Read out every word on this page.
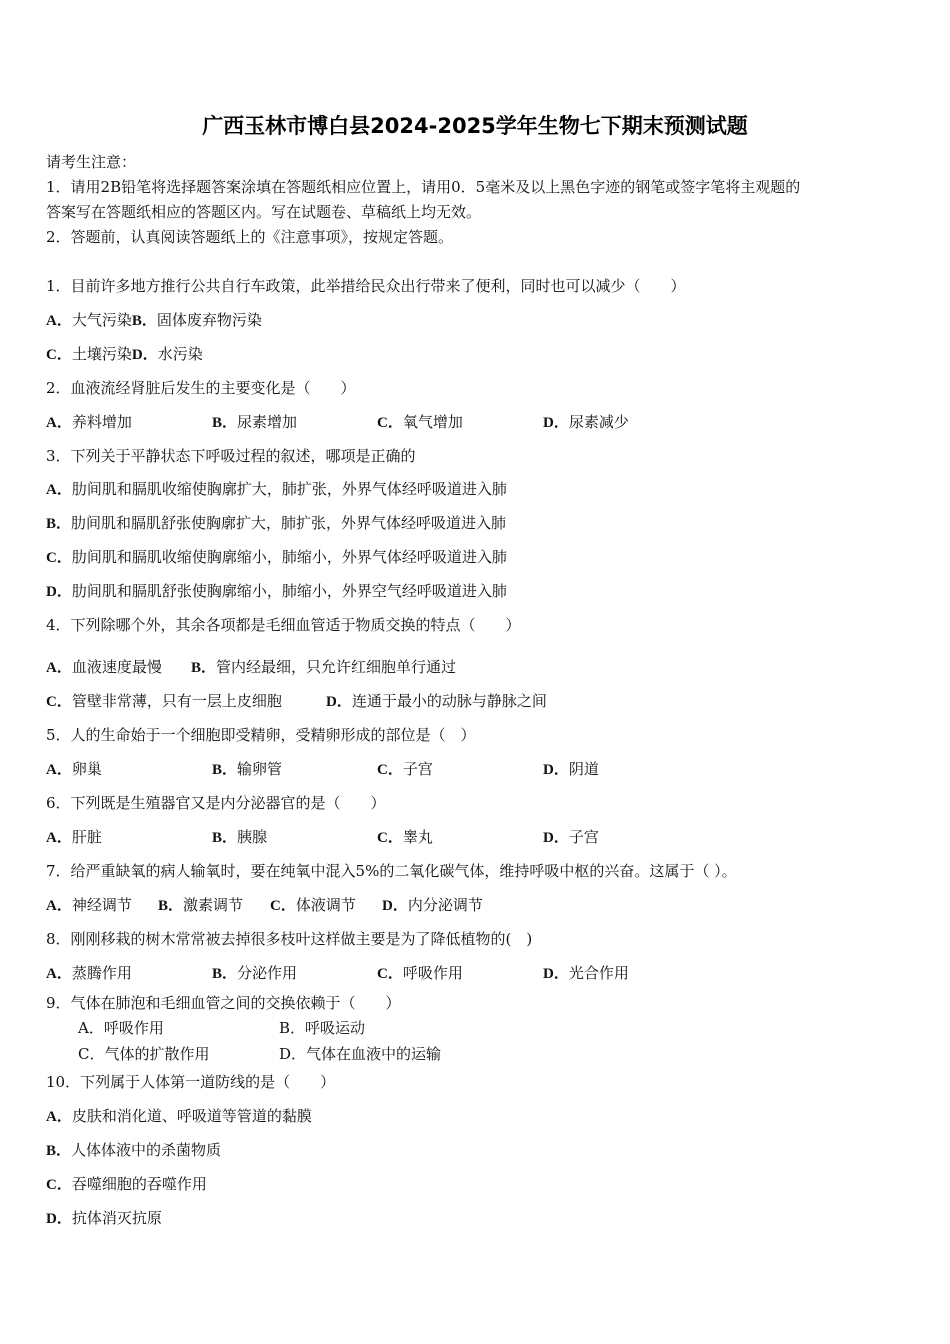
广西玉林市博白县2024-2025学年生物七下期末预测试题
请考生注意：
1．请用2B铅笔将选择题答案涂填在答题纸相应位置上，请用0．5毫米及以上黑色字迹的钢笔或签字笔将主观题的
答案写在答题纸相应的答题区内。写在试题卷、草稿纸上均无效。
2．答题前，认真阅读答题纸上的《注意事项》，按规定答题。
1．目前许多地方推行公共自行车政策，此举措给民众出行带来了便利，同时也可以减少（　　）
A．大气污染B．固体废弃物污染
C．土壤污染D．水污染
2．血液流经肾脏后发生的主要变化是（　　）
A．养料增加	B．尿素增加	C．氧气增加	D．尿素减少
3．下列关于平静状态下呼吸过程的叙述，哪项是正确的
A．肋间肌和膈肌收缩使胸廓扩大，肺扩张，外界气体经呼吸道进入肺
B．肋间肌和膈肌舒张使胸廓扩大，肺扩张，外界气体经呼吸道进入肺
C．肋间肌和膈肌收缩使胸廓缩小，肺缩小，外界气体经呼吸道进入肺
D．肋间肌和膈肌舒张使胸廓缩小，肺缩小，外界空气经呼吸道进入肺
4．下列除哪个外，其余各项都是毛细血管适于物质交换的特点（　　）
A．血液速度最慢 B．管内经最细，只允许红细胞单行通过
C．管壁非常薄，只有一层上皮细胞	D．连通于最小的动脉与静脉之间
5．人的生命始于一个细胞即受精卵，受精卵形成的部位是（　）
A．卵巢	B．输卵管	C．子宫	D．阴道
6．下列既是生殖器官又是内分泌器官的是（　　）
A．肝脏	B．胰腺	C．睾丸	D．子宫
7．给严重缺氧的病人输氧时，要在纯氧中混入5%的二氧化碳气体，维持呼吸中枢的兴奋。这属于（ ）。
A．神经调节 B．激素调节 C．体液调节 D．内分泌调节
8．刚刚移栽的树木常常被去掉很多枝叶这样做主要是为了降低植物的(　)
A．蒸腾作用	B．分泌作用	C．呼吸作用	D．光合作用
9．气体在肺泡和毛细血管之间的交换依赖于（　　）
A．呼吸作用	B．呼吸运动
C．气体的扩散作用	D．气体在血液中的运输
10．下列属于人体第一道防线的是（　　）
A．皮肤和消化道、呼吸道等管道的黏膜
B．人体体液中的杀菌物质
C．吞噬细胞的吞噬作用
D．抗体消灭抗原
